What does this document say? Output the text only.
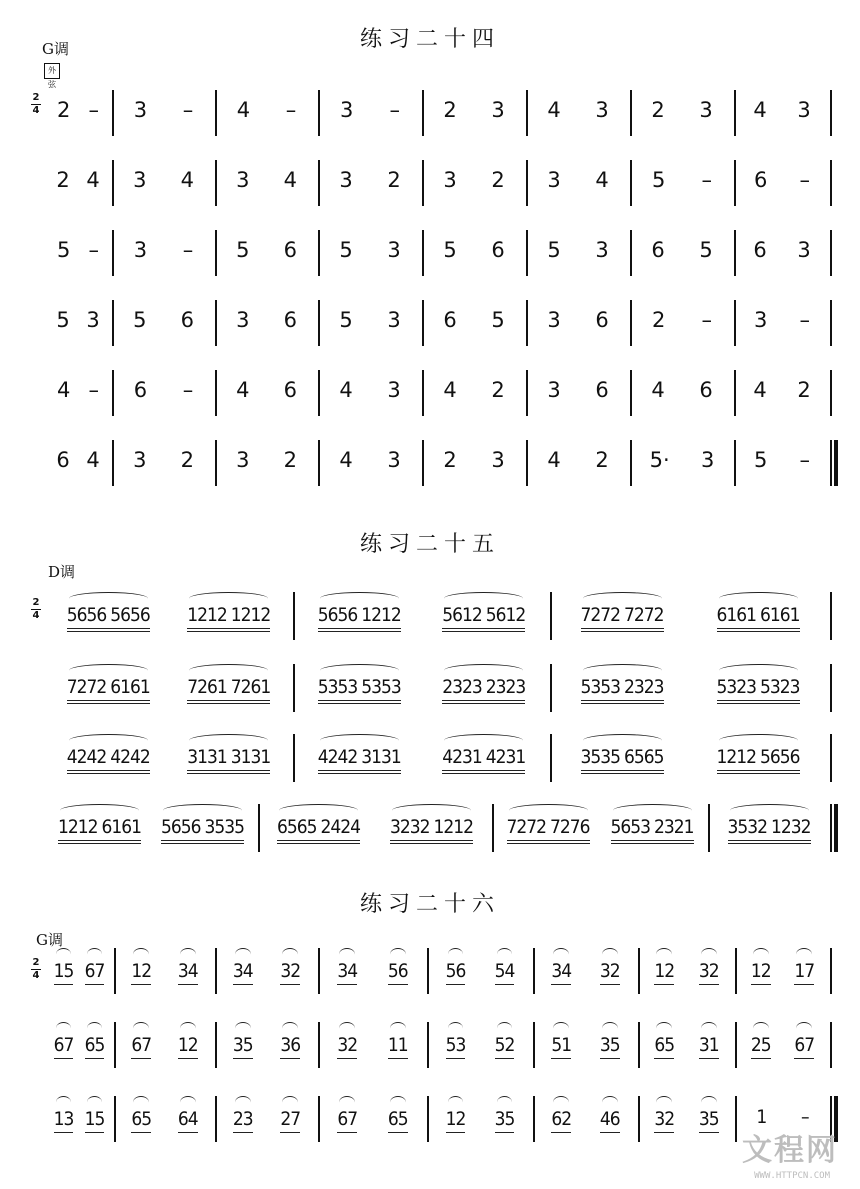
练习二十四
G调
外弦
2
4 2 – 3 – 4 – 3 – 2 3 4 3 2 3 4 3
2 4 3 4 3 4 3 2 3 2 3 4 5 – 6 –
5 – 3 – 5 6 5 3 5 6 5 3 6 5 6 3
5 3 5 6 3 6 5 3 6 5 3 6 2 – 3 –
4 – 6 – 4 6 4 3 4 2 3 6 4 6 4 2
6 4 3 2 3 2 4 3 2 3 4 2 5· 3 5 –
练习二十五
D调
2
4 5656 5656 1212 1212	5656 1212 5612 5612	7272 7272	6161 6161
7272 6161 7261 7261	5353 5353 2323 2323	5353 2323	5323 5323
4242 4242 3131 3131	4242 3131 4231 4231	3535 6565	1212 5656
1212 6161 5656 3535 6565 2424 3232 1212 7272 7276 5653 2321 3532 1232
练习二十六
G调
2
4 15 67 12 34 34 32 34 56 56 54 34 32 12 32 12 17
67 65 67 12 35 36 32 11 53 52 51 35 65 31 25 67
13 15 65 64 23 27 67 65 12 35 62 46 32 35 1 –
文程网
WWW.HTTPCN.COM
